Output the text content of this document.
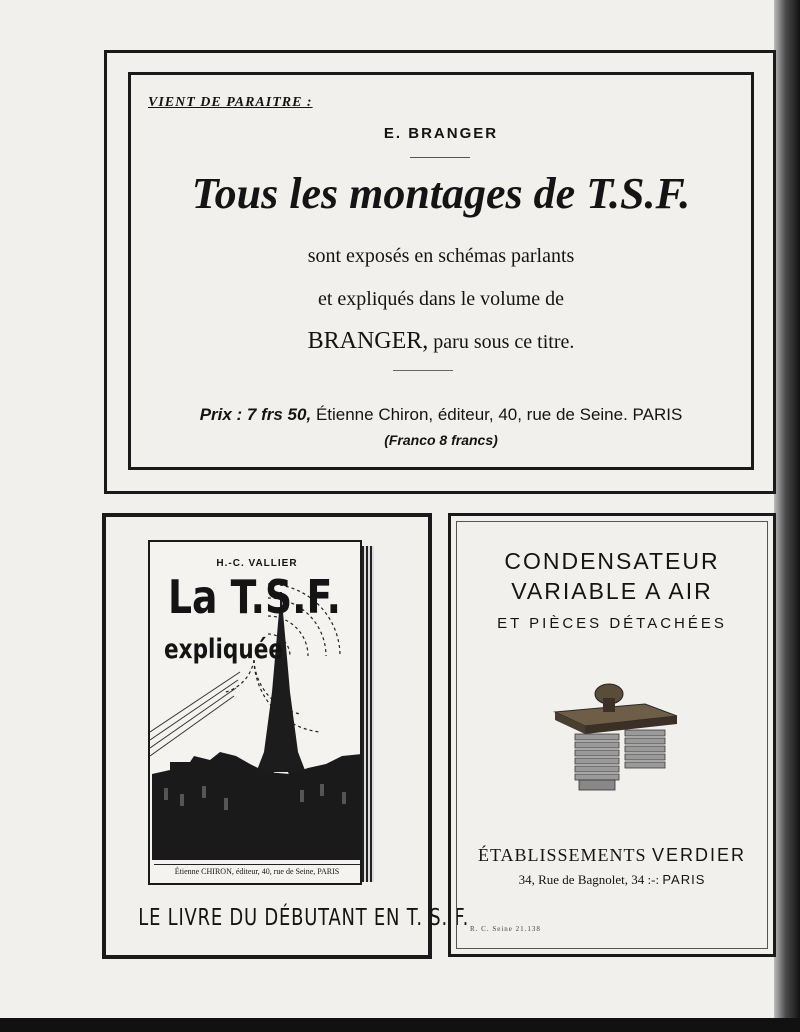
VIENT DE PARAITRE :
E. BRANGER
Tous les montages de T.S.F.
sont exposés en schémas parlants
et expliqués dans le volume de
BRANGER, paru sous ce titre.
Prix : 7 frs 50, Étienne Chiron, éditeur, 40, rue de Seine. PARIS
(Franco 8 francs)
H.-C. VALLIER
La T.S.F.
expliquée
Étienne CHIRON, éditeur, 40, rue de Seine, PARIS
LE LIVRE DU DÉBUTANT EN T. S. F.
CONDENSATEUR
VARIABLE A AIR
ET PIÈCES DÉTACHÉES
ÉTABLISSEMENTS VERDIER
34, Rue de Bagnolet, 34 :-: PARIS
R. C. Seine 21.138
